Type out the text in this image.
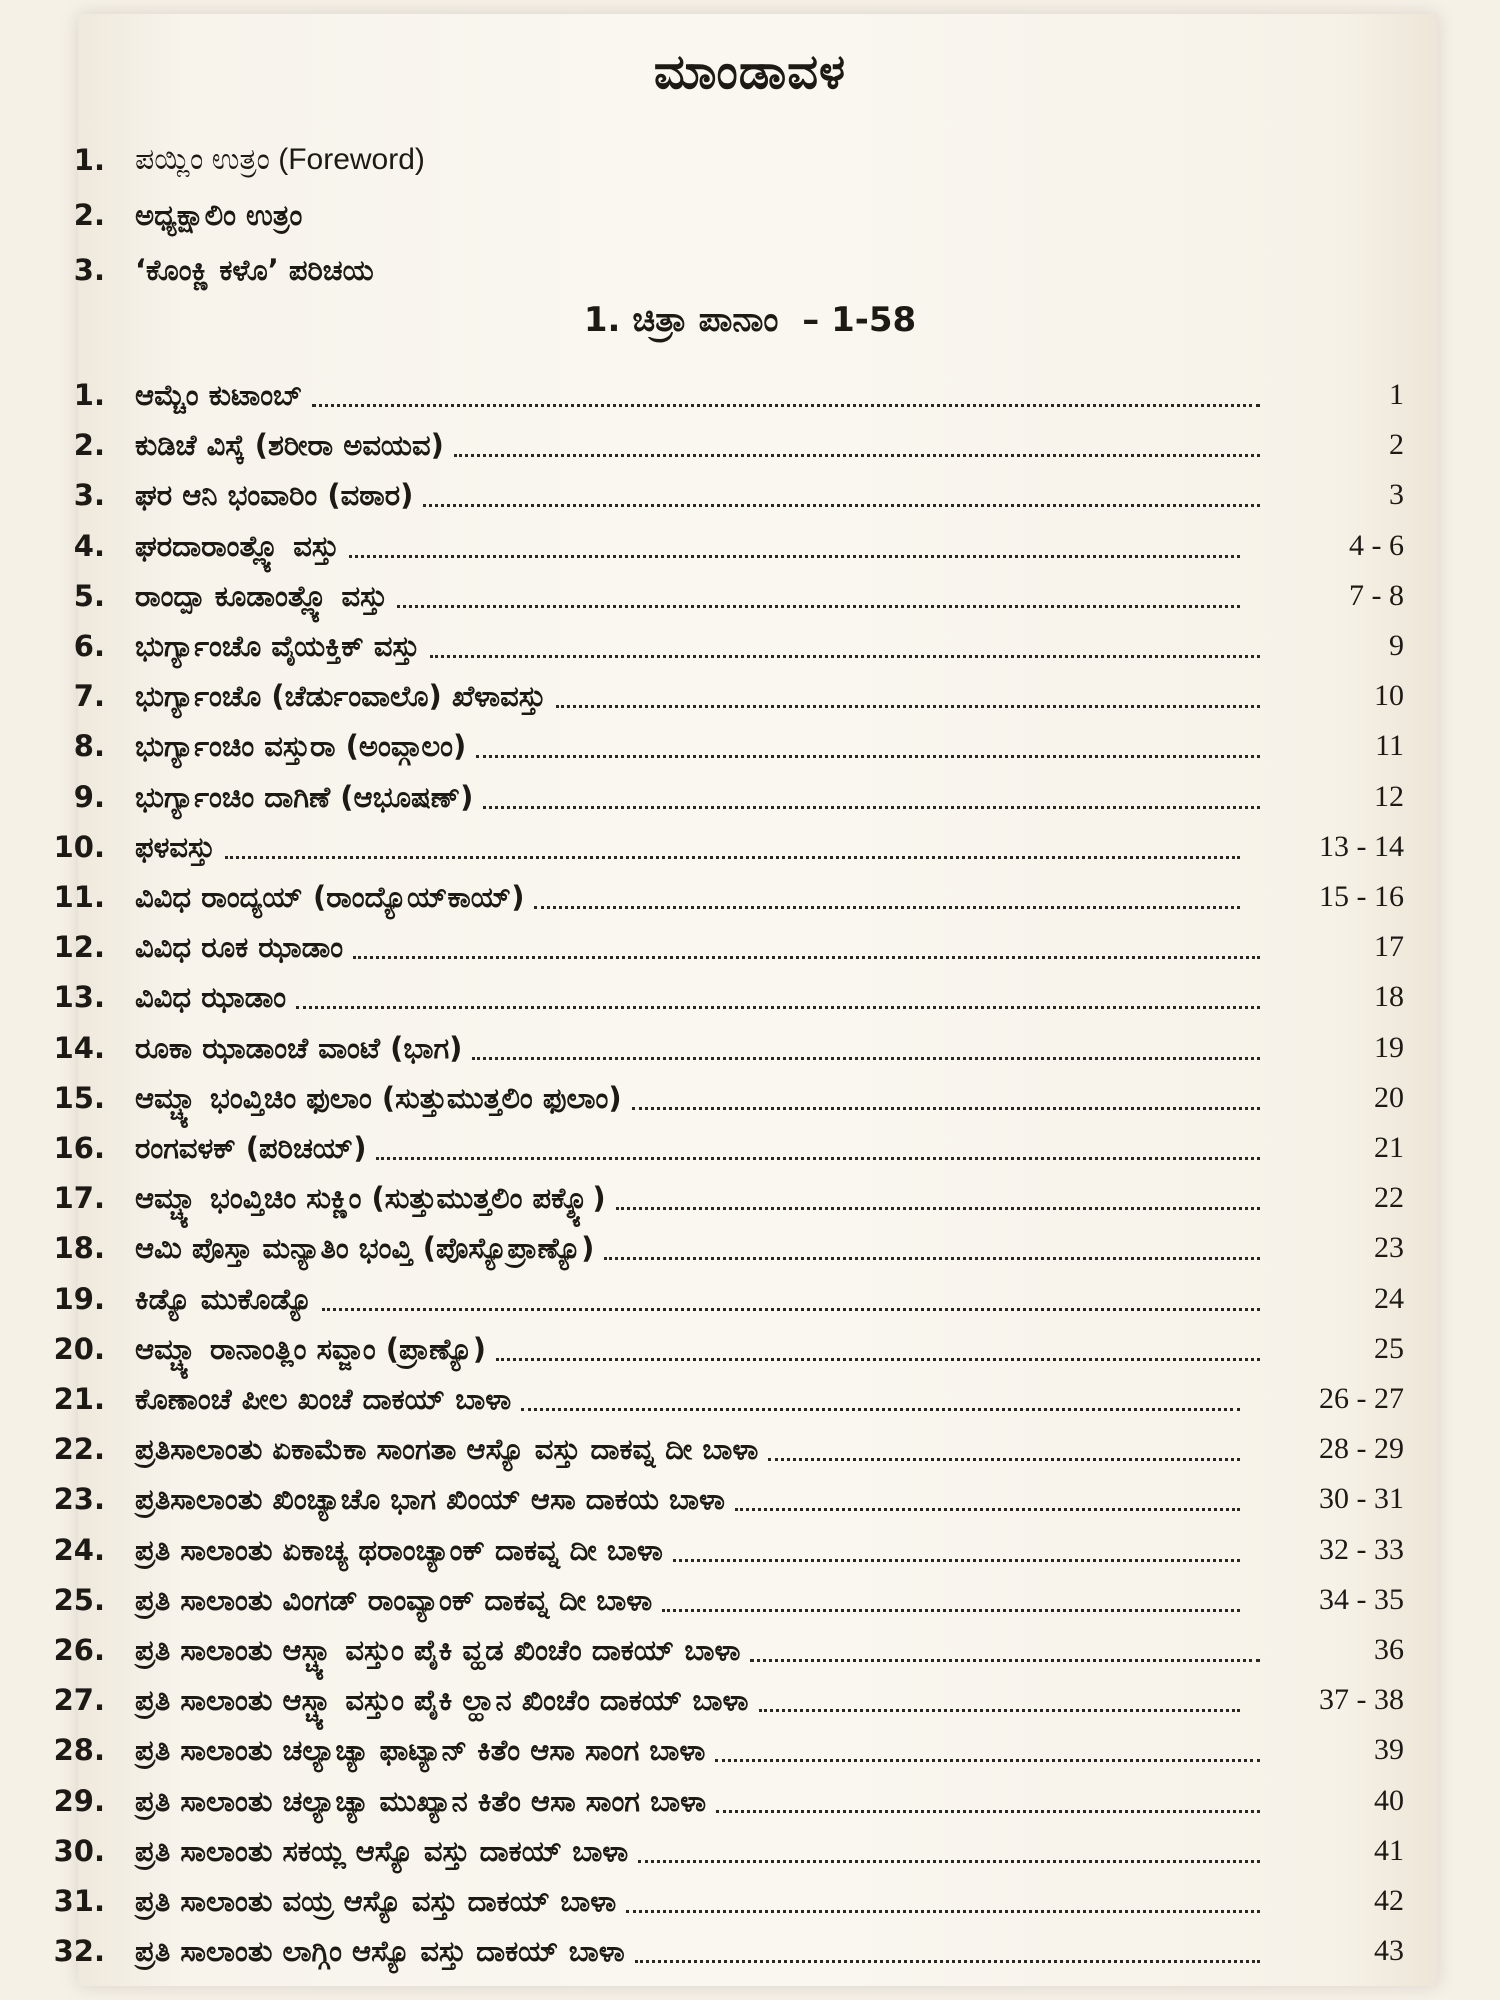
ಮಾಂಡಾವಳ
1.	ಪಯ್ಲಿಂ ಉತ್ರಂ (Foreword)
2.	ಅಧ್ಯಕ್ಷಾಲಿಂ ಉತ್ರಂ
3.	‘ಕೊಂಕ್ಣಿ ಕಳೊ’ ಪರಿಚಯ
1. ಚಿತ್ರಾ ಪಾನಾಂ – 1-58
1.	ಆಮ್ಚೆಂ ಕುಟಾಂಬ್	1
2.	ಕುಡಿಚೆ ವಿಸ್ಕೆ (ಶರೀರಾ ಅವಯವ)	2
3.	ಘರ ಆನಿ ಭಂವಾರಿಂ (ವಠಾರ)	3
4.	ಘರದಾರಾಂತ್ಲ್ಯೊ ವಸ್ತು	4 - 6
5.	ರಾಂದ್ಪಾ ಕೂಡಾಂತ್ಲ್ಯೊ ವಸ್ತು	7 - 8
6.	ಭುರ್ಗ್ಯಾಂಚೊ ವೈಯಕ್ತಿಕ್ ವಸ್ತು	9
7.	ಭುರ್ಗ್ಯಾಂಚೊ (ಚೆರ್ಡುಂವಾಲೊ) ಖೆಳಾವಸ್ತು	10
8.	ಭುರ್ಗ್ಯಾಂಚಿಂ ವಸ್ತುರಾ (ಅಂವ್ಗಾಲಂ)	11
9.	ಭುರ್ಗ್ಯಾಂಚಿಂ ದಾಗಿಣೆ (ಆಭೂಷಣ್)	12
10.	ಫಳವಸ್ತು	13 - 14
11.	ವಿವಿಧ ರಾಂದ್ಯಯ್ (ರಾಂದ್ಯೊಯ್‌ಕಾಯ್)	15 - 16
12.	ವಿವಿಧ ರೂಕ ಝಾಡಾಂ	17
13.	ವಿವಿಧ ಝಾಡಾಂ	18
14.	ರೂಕಾ ಝಾಡಾಂಚೆ ವಾಂಟೆ (ಭಾಗ)	19
15.	ಆಮ್ಚ್ಯಾ ಭಂವ್ತಿಚಿಂ ಫುಲಾಂ (ಸುತ್ತುಮುತ್ತಲಿಂ ಫುಲಾಂ)	20
16.	ರಂಗವಳಕ್ (ಪರಿಚಯ್)	21
17.	ಆಮ್ಚ್ಯಾ ಭಂವ್ತಿಚಿಂ ಸುಕ್ಣಿಂ (ಸುತ್ತುಮುತ್ತಲಿಂ ಪಕ್ಶ್ಯೊ)	22
18.	ಆಮಿ ಪೊಸ್ತಾ ಮನ್ಯಾತಿಂ ಭಂವ್ತಿ (ಪೊಸ್ಯೊಪ್ರಾಣ್ಯೊ)	23
19.	ಕಿಡ್ಯೊ ಮುಕೊಡ್ಯೊ	24
20.	ಆಮ್ಚ್ಯಾ ರಾನಾಂತ್ಲಿಂ ಸವ್ಜಾಂ (ಪ್ರಾಣ್ಯೊ)	25
21.	ಕೊಣಾಂಚೆ ಪೀಲ ಖಂಚೆ ದಾಕಯ್ ಬಾಳಾ	26 - 27
22.	ಪ್ರತಿಸಾಲಾಂತು ಏಕಾಮೆಕಾ ಸಾಂಗತಾ ಆಸ್ಯೊ ವಸ್ತು ದಾಕವ್ನ ದೀ ಬಾಳಾ	28 - 29
23.	ಪ್ರತಿಸಾಲಾಂತು ಖಿಂಚ್ಯಾಚೊ ಭಾಗ ಖಿಂಯ್ ಆಸಾ ದಾಕಯ ಬಾಳಾ	30 - 31
24.	ಪ್ರತಿ ಸಾಲಾಂತು ಏಕಾಚ್ಯ ಥರಾಂಚ್ಯಾಂಕ್ ದಾಕವ್ನ ದೀ ಬಾಳಾ	32 - 33
25.	ಪ್ರತಿ ಸಾಲಾಂತು ವಿಂಗಡ್ ರಾಂವ್ಯಾಂಕ್ ದಾಕವ್ನ ದೀ ಬಾಳಾ	34 - 35
26.	ಪ್ರತಿ ಸಾಲಾಂತು ಆಸ್ಚ್ಯಾ ವಸ್ತುಂ ಪೈಕಿ ವ್ಹಡ ಖಿಂಚೆಂ ದಾಕಯ್ ಬಾಳಾ	36
27.	ಪ್ರತಿ ಸಾಲಾಂತು ಆಸ್ಚ್ಯಾ ವಸ್ತುಂ ಪೈಕಿ ಲ್ಹಾನ ಖಿಂಚೆಂ ದಾಕಯ್ ಬಾಳಾ	37 - 38
28.	ಪ್ರತಿ ಸಾಲಾಂತು ಚಲ್ಯಾಚ್ಯಾ ಫಾಟ್ಯಾನ್ ಕಿತೆಂ ಆಸಾ ಸಾಂಗ ಬಾಳಾ	39
29.	ಪ್ರತಿ ಸಾಲಾಂತು ಚಲ್ಯಾಚ್ಯಾ ಮುಖ್ಯಾನ ಕಿತೆಂ ಆಸಾ ಸಾಂಗ ಬಾಳಾ	40
30.	ಪ್ರತಿ ಸಾಲಾಂತು ಸಕಯ್ಲ ಆಸ್ಯೊ ವಸ್ತು ದಾಕಯ್ ಬಾಳಾ	41
31.	ಪ್ರತಿ ಸಾಲಾಂತು ವಯ್ರ ಆಸ್ಯೊ ವಸ್ತು ದಾಕಯ್ ಬಾಳಾ	42
32.	ಪ್ರತಿ ಸಾಲಾಂತು ಲಾಗ್ಗಿಂ ಆಸ್ಯೊ ವಸ್ತು ದಾಕಯ್ ಬಾಳಾ	43
